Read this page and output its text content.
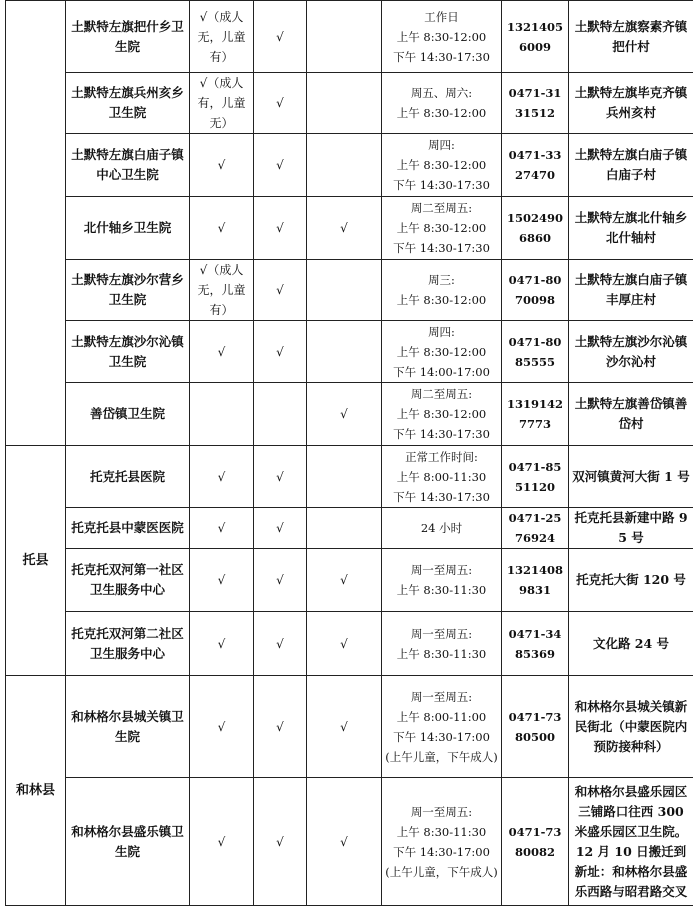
	土默特左旗把什乡卫生院	√（成人无，儿童有）	√		工作日
上午 8:30-12:00
下午 14:30-17:30	13214056009	土默特左旗察素齐镇把什村
	土默特左旗兵州亥乡卫生院	√（成人有，儿童无）	√		周五、周六:
上午 8:30-12:00	0471-3131512	土默特左旗毕克齐镇兵州亥村
	土默特左旗白庙子镇中心卫生院	√	√		周四:
上午 8:30-12:00
下午 14:30-17:30	0471-3327470	土默特左旗白庙子镇白庙子村
	北什轴乡卫生院	√	√	√	周二至周五:
上午 8:30-12:00
下午 14:30-17:30	15024906860	土默特左旗北什轴乡北什轴村
	土默特左旗沙尔营乡卫生院	√（成人无，儿童有）	√		周三:
上午 8:30-12:00	0471-8070098	土默特左旗白庙子镇丰厚庄村
	土默特左旗沙尔沁镇卫生院	√	√		周四:
上午 8:30-12:00
下午 14:00-17:00	0471-8085555	土默特左旗沙尔沁镇沙尔沁村
	善岱镇卫生院			√	周二至周五:
上午 8:30-12:00
下午 14:30-17:30	13191427773	土默特左旗善岱镇善岱村
托县	托克托县医院	√	√		正常工作时间:
上午 8:00-11:30
下午 14:30-17:30	0471-8551120	双河镇黄河大街 1 号
	托克托县中蒙医医院	√	√		24 小时	0471-2576924	托克托县新建中路 95 号
	托克托双河第一社区卫生服务中心	√	√	√	周一至周五:
上午 8:30-11:30	13214089831	托克托大街 120 号
	托克托双河第二社区卫生服务中心	√	√	√	周一至周五:
上午 8:30-11:30	0471-3485369	文化路 24 号
和林县	和林格尔县城关镇卫生院	√	√	√	周一至周五:
上午 8:00-11:00
下午 14:30-17:00
(上午儿童，下午成人)	0471-7380500	和林格尔县城关镇新民街北（中蒙医院内预防接种科）
	和林格尔县盛乐镇卫生院	√	√	√	周一至周五:
上午 8:30-11:30
下午 14:30-17:00
(上午儿童，下午成人)	0471-7380082	和林格尔县盛乐园区三铺路口往西 300 米盛乐园区卫生院。12 月 10 日搬迁到新址：和林格尔县盛乐西路与昭君路交叉
